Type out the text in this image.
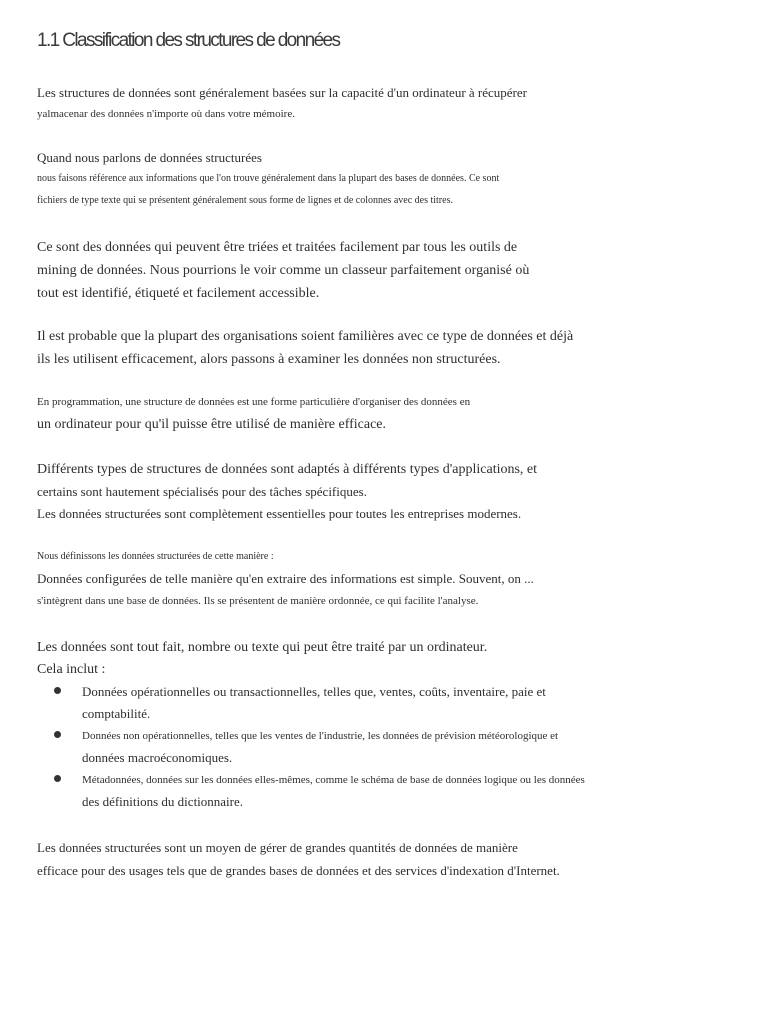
1.1 Classification des structures de données
Les structures de données sont généralement basées sur la capacité d'un ordinateur à récupérer
yalmacenar des données n'importe où dans votre mémoire.
Quand nous parlons de données structurées
nous faisons référence aux informations que l'on trouve généralement dans la plupart des bases de données. Ce sont
fichiers de type texte qui se présentent généralement sous forme de lignes et de colonnes avec des titres.
Ce sont des données qui peuvent être triées et traitées facilement par tous les outils de
mining de données. Nous pourrions le voir comme un classeur parfaitement organisé où
tout est identifié, étiqueté et facilement accessible.
Il est probable que la plupart des organisations soient familières avec ce type de données et déjà
ils les utilisent efficacement, alors passons à examiner les données non structurées.
En programmation, une structure de données est une forme particulière d'organiser des données en
un ordinateur pour qu'il puisse être utilisé de manière efficace.
Différents types de structures de données sont adaptés à différents types d'applications, et
certains sont hautement spécialisés pour des tâches spécifiques.
Les données structurées sont complètement essentielles pour toutes les entreprises modernes.
Nous définissons les données structurées de cette manière :
Données configurées de telle manière qu'en extraire des informations est simple. Souvent, on ...
s'intègrent dans une base de données. Ils se présentent de manière ordonnée, ce qui facilite l'analyse.
Les données sont tout fait, nombre ou texte qui peut être traité par un ordinateur.
Cela inclut :
Données opérationnelles ou transactionnelles, telles que, ventes, coûts, inventaire, paie et
comptabilité.
Données non opérationnelles, telles que les ventes de l'industrie, les données de prévision météorologique et
données macroéconomiques.
Métadonnées, données sur les données elles-mêmes, comme le schéma de base de données logique ou les données
des définitions du dictionnaire.
Les données structurées sont un moyen de gérer de grandes quantités de données de manière
efficace pour des usages tels que de grandes bases de données et des services d'indexation d'Internet.
